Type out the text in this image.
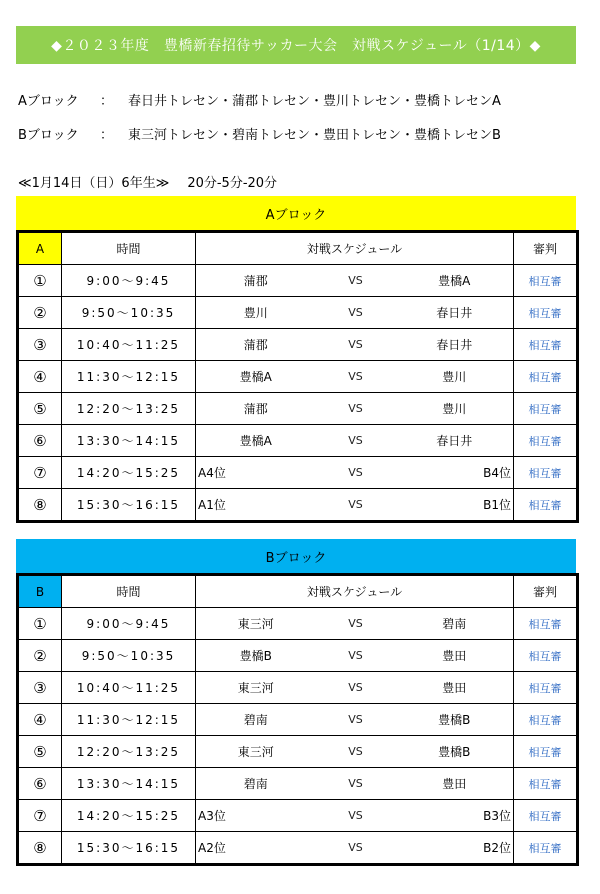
◆２０２３年度　豊橋新春招待サッカー大会　対戦スケジュール（1/14）◆
Aブロック ： 春日井トレセン・蒲郡トレセン・豊川トレセン・豊橋トレセンA
Bブロック ： 東三河トレセン・碧南トレセン・豊田トレセン・豊橋トレセンB
≪1月14日（日）6年生≫ 20分-5分-20分
Aブロック
A	時間	対戦スケジュール			審判
①	9:00〜9:45	蒲郡	VS	豊橋A	相互審
②	9:50〜10:35	豊川	VS	春日井	相互審
③	10:40〜11:25	蒲郡	VS	春日井	相互審
④	11:30〜12:15	豊橋A	VS	豊川	相互審
⑤	12:20〜13:25	蒲郡	VS	豊川	相互審
⑥	13:30〜14:15	豊橋A	VS	春日井	相互審
⑦	14:20〜15:25	A4位	VS	B4位	相互審
⑧	15:30〜16:15	A1位	VS	B1位	相互審
Bブロック
B	時間	対戦スケジュール			審判
①	9:00〜9:45	東三河	VS	碧南	相互審
②	9:50〜10:35	豊橋B	VS	豊田	相互審
③	10:40〜11:25	東三河	VS	豊田	相互審
④	11:30〜12:15	碧南	VS	豊橋B	相互審
⑤	12:20〜13:25	東三河	VS	豊橋B	相互審
⑥	13:30〜14:15	碧南	VS	豊田	相互審
⑦	14:20〜15:25	A3位	VS	B3位	相互審
⑧	15:30〜16:15	A2位	VS	B2位	相互審
